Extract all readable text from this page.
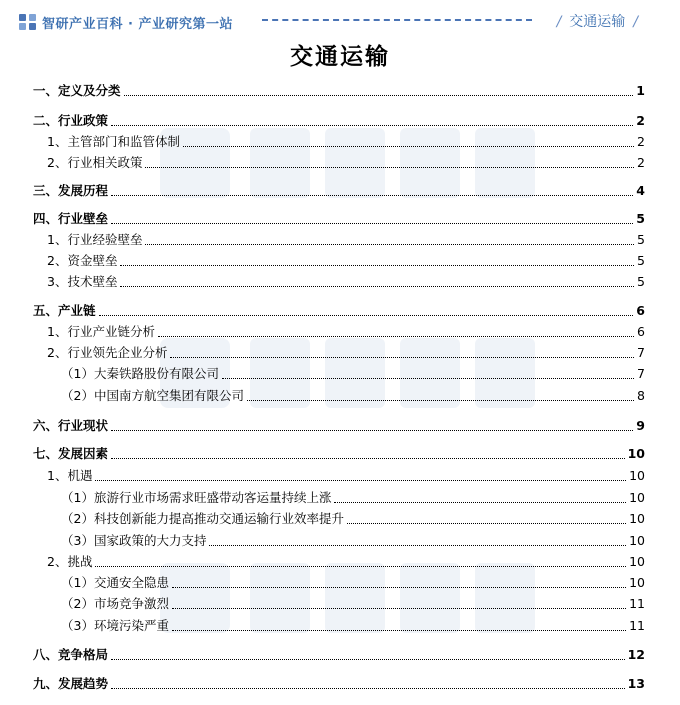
智研产业百科 · 产业研究第一站	/ 交通运输 /
交通运输
一、定义及分类	1
二、行业政策	2
1、主管部门和监管体制	2
2、行业相关政策	2
三、发展历程	4
四、行业壁垒	5
1、行业经验壁垒	5
2、资金壁垒	5
3、技术壁垒	5
五、产业链	6
1、行业产业链分析	6
2、行业领先企业分析	7
（1）大秦铁路股份有限公司	7
（2）中国南方航空集团有限公司	8
六、行业现状	9
七、发展因素	10
1、机遇	10
（1）旅游行业市场需求旺盛带动客运量持续上涨	10
（2）科技创新能力提高推动交通运输行业效率提升	10
（3）国家政策的大力支持	10
2、挑战	10
（1）交通安全隐患	10
（2）市场竞争激烈	11
（3）环境污染严重	11
八、竞争格局	12
九、发展趋势	13
